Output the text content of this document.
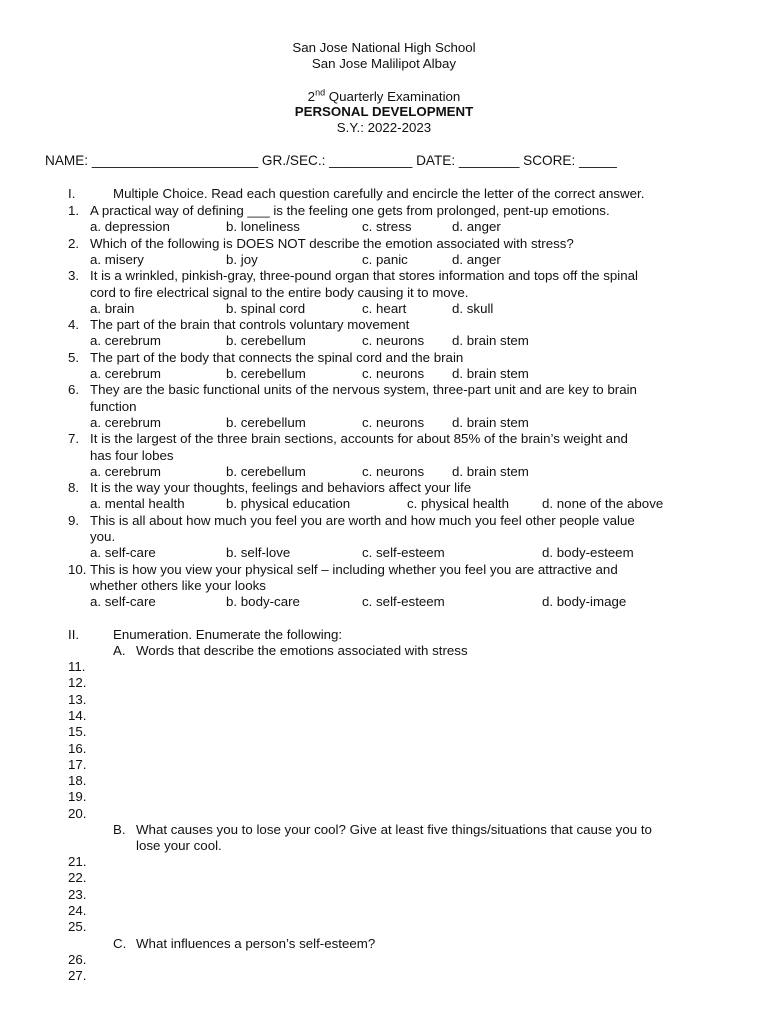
San Jose National High School
San Jose Malilipot Albay
2nd Quarterly Examination
PERSONAL DEVELOPMENT
S.Y.: 2022-2023
NAME: ______________________ GR./SEC.: ___________ DATE: ________ SCORE: _____
I.	Multiple Choice. Read each question carefully and encircle the letter of the correct answer.
1. A practical way of defining ___ is the feeling one gets from prolonged, pent-up emotions.
a. depression	b. loneliness	c. stress	d. anger
2. Which of the following is DOES NOT describe the emotion associated with stress?
a. misery	b. joy	c. panic	d. anger
3. It is a wrinkled, pinkish-gray, three-pound organ that stores information and tops off the spinal
cord to fire electrical signal to the entire body causing it to move.
a. brain	b. spinal cord	c. heart	d. skull
4. The part of the brain that controls voluntary movement
a. cerebrum	b. cerebellum	c. neurons d. brain stem
5. The part of the body that connects the spinal cord and the brain
a. cerebrum	b. cerebellum	c. neurons d. brain stem
6. They are the basic functional units of the nervous system, three-part unit and are key to brain
function
a. cerebrum	b. cerebellum	c. neurons d. brain stem
7. It is the largest of the three brain sections, accounts for about 85% of the brain’s weight and
has four lobes
a. cerebrum	b. cerebellum	c. neurons d. brain stem
8. It is the way your thoughts, feelings and behaviors affect your life
a. mental health	b. physical education	c. physical health d. none of the above
9. This is all about how much you feel you are worth and how much you feel other people value
you.
a. self-care	b. self-love	c. self-esteem	d. body-esteem
10. This is how you view your physical self – including whether you feel you are attractive and
whether others like your looks
a. self-care	b. body-care	c. self-esteem	d. body-image
II.	Enumeration. Enumerate the following:
A. Words that describe the emotions associated with stress
11.
12.
13.
14.
15.
16.
17.
18.
19.
20.
B. What causes you to lose your cool? Give at least five things/situations that cause you to
lose your cool.
21.
22.
23.
24.
25.
C. What influences a person’s self-esteem?
26.
27.
